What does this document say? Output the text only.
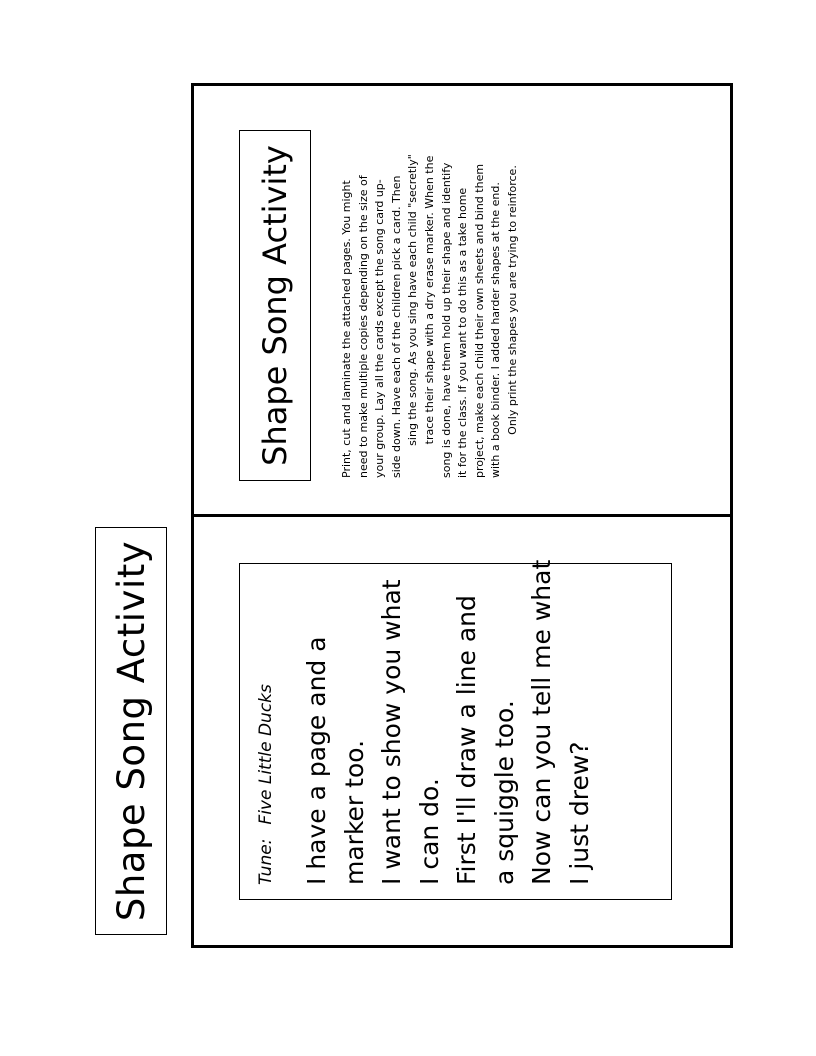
Shape Song Activity	Tune:Five Little Ducks I have a page and a marker too. I want to show you what I can do. First I'll draw a line and a squiggle too. Now can you tell me what I just drew?
Shape Song Activity	Print, cut and laminate the attached pages. You might need to make multiple copies depending on the size of your group. Lay all the cards except the song card up- side down. Have each of the children pick a card. Then sing the song. As you sing have each child "secretly" trace their shape with a dry erase marker. When the song is done, have them hold up their shape and identify it for the class. If you want to do this as a take home project, make each child their own sheets and bind them with a book binder. I added harder shapes at the end. Only print the shapes you are trying to reinforce.
